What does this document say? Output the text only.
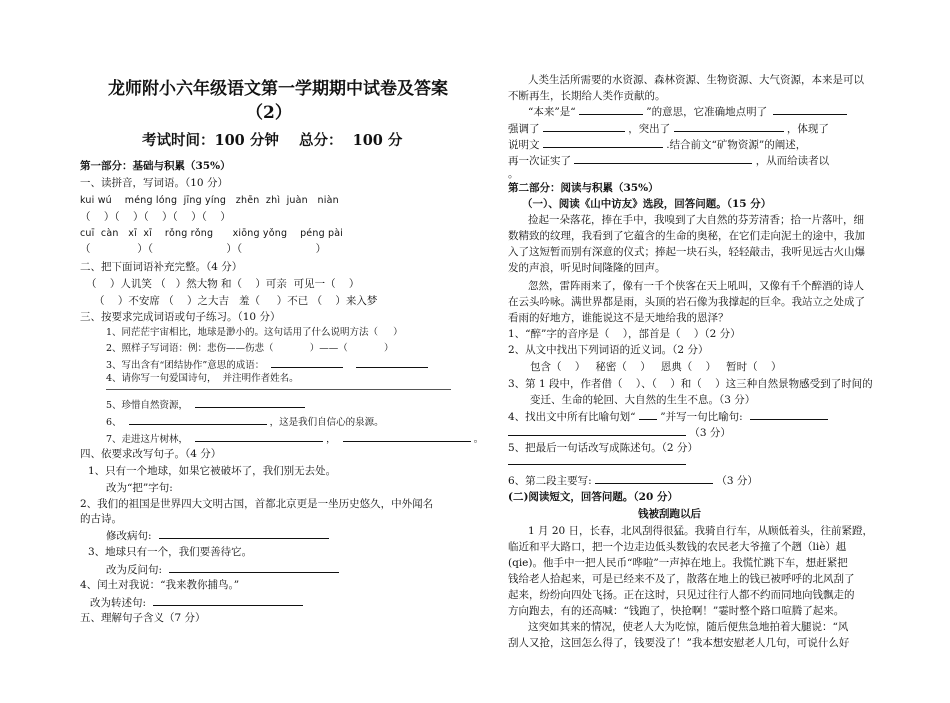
龙师附小六年级语文第一学期期中试卷及答案
（2）
考试时间：100 分钟    总分：  100 分
第一部分：基础与积累（35%）
一、读拼音，写词语。（10 分）
kui wú    méng lóng  jīng yíng   zhēn  zhì  juàn   niàn
（    ）（    ）（    ）（    ）（    ）
cuī  càn   xī  xī    rǒng rǒng      xiōng yǒng    péng pài
（              ）（                      ）（                      ）
二、把下面词语补充完整。（4 分）
（    ）人讥笑 （   ）然大物 和（    ）可亲  可见一（    ）
（    ）不安席 （    ）之大吉   羞（     ）不已 （    ）来入梦
三、按要求完成词语或句子练习。（10 分）
1、同茫茫宇宙相比，地球是渺小的。这句话用了什么说明方法（     ）
2、照样子写词语：例：悲伤——伤悲（            ）——（            ）
3、写出含有“团结协作”意思的成语：
4、请你写一句爱国诗句，  并注明作者姓名。
5、珍惜自然资源，
6、	，这是我们自信心的泉源。
7、走进这片树林，	，	。
四、依要求改写句子。（4 分）
1、只有一个地球，如果它被破坏了，我们别无去处。
改为“把”字句:
2、我们的祖国是世界四大文明古国，首都北京更是一坐历史悠久，中外闻名
的古诗。
修改病句:
3、地球只有一个，我们要善待它。
改为反问句:
4、闰土对我说：“我来教你捕鸟。”
改为转述句:
五、理解句子含义（7 分）
人类生活所需要的水资源、森林资源、生物资源、大气资源，本来是可以
不断再生，长期给人类作贡献的。
“本来”是“	”的意思，它准确地点明了
强调了	，突出了	，体现了
说明文	.结合前文“矿物资源”的阐述，
再一次证实了	，从而给读者以
。
第二部分：阅读与积累（35%）
（一）、阅读《山中访友》选段，回答问题。（15 分）
捡起一朵落花，捧在手中，我嗅到了大自然的芬芳清香；拾一片落叶，细
数精致的纹理，我看到了它蕴含的生命的奥秘，在它们走向泥土的途中，我加
入了这短暂而别有深意的仪式；捧起一块石头，轻轻敲击，我听见远古火山爆
发的声浪，听见时间隆隆的回声。
忽然，雷阵雨来了，像有一千个侠客在天上吼叫，又像有千个醉酒的诗人
在云头吟咏。满世界都是雨，头顶的岩石像为我撑起的巨伞。我站立之处成了
看雨的好地方，谁能说这不是天地给我的恩泽？
1、“醉”字的音序是（    ），部首是（    ）（2 分）
2、从文中找出下列词语的近义词。（2 分）
包含（    ）   秘密（    ）   恩典（    ）   暂时（    ）
3、第 1 段中，作者借（    ）、（    ）和（    ）这三种自然景物感受到了时间的
变迁、生命的轮回、大自然的生生不息。（3 分）
4、找出文中所有比喻句划“ ”并写一句比喻句:
（3 分）
5、把最后一句话改写成陈述句。（2 分）
6、第二段主要写:	（3 分）
(二)阅读短文，回答问题。（20 分）
钱被刮跑以后
1 月 20 日，长春，北风刮得很猛。我骑自行车，从顾低着头，往前紧蹬，
临近和平大路口，把一个边走边低头数钱的农民老大爷撞了个趔（liè）趄
(qie)。他手中一把人民币“哗啦”一声掉在地上。我慌忙跳下车，想赶紧把
钱给老人拾起来，可是已经来不及了，散落在地上的钱已被呼呼的北风刮了
起来，纷纷向四处飞扬。正在这时，只见过往行人都不约而同地向钱飘走的
方向跑去，有的还高喊：“钱跑了，快抢啊！”霎时整个路口喧腾了起来。
这突如其来的情况，使老人大为吃惊，随后便焦急地拍着大腿说：“风
刮人又抢，这回怎么得了，钱要没了！”我本想安慰老人几句，可说什么好
